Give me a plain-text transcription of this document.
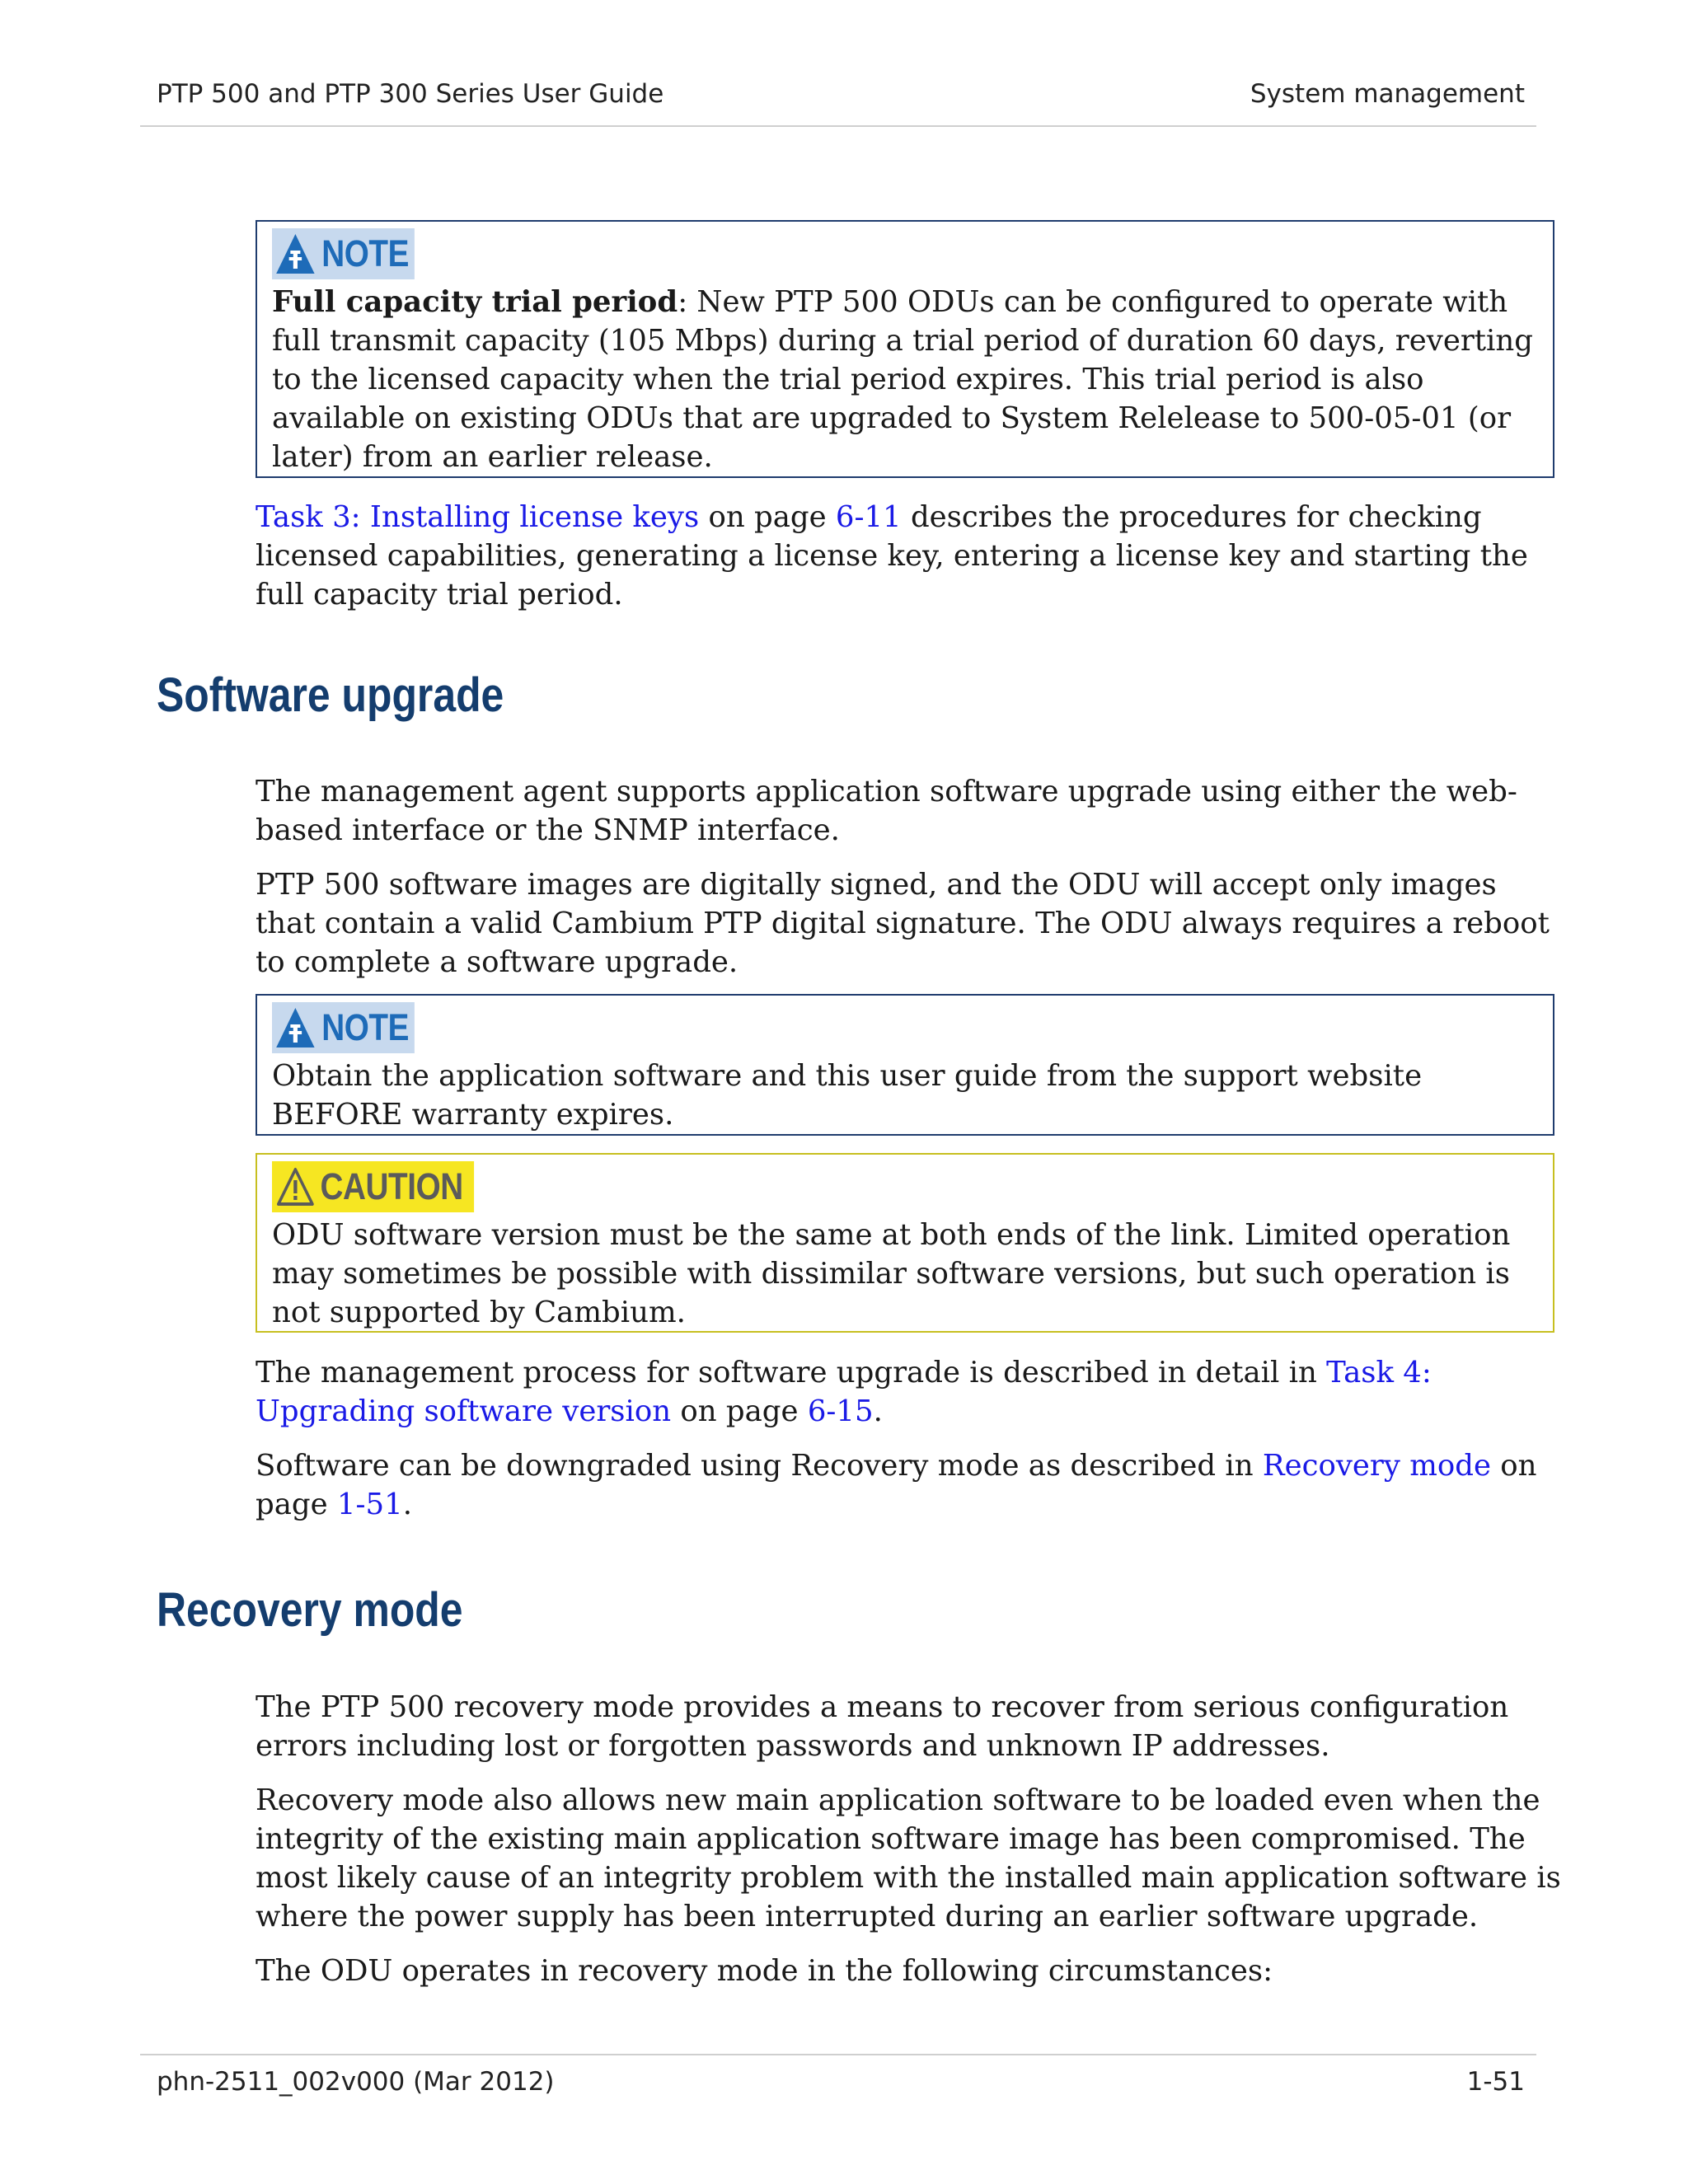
PTP 500 and PTP 300 Series User Guide	System management
NOTE

Full capacity trial period: New PTP 500 ODUs can be configured to operate with full transmit capacity (105 Mbps) during a trial period of duration 60 days, reverting to the licensed capacity when the trial period expires. This trial period is also available on existing ODUs that are upgraded to System Relelease to 500-05-01 (or later) from an earlier release.

Task 3: Installing license keys on page 6-11 describes the procedures for checking licensed capabilities, generating a license key, entering a license key and starting the full capacity trial period.

Software upgrade

The management agent supports application software upgrade using either the web-based interface or the SNMP interface.

PTP 500 software images are digitally signed, and the ODU will accept only images that contain a valid Cambium PTP digital signature. The ODU always requires a reboot to complete a software upgrade.

NOTE

Obtain the application software and this user guide from the support website BEFORE warranty expires.

CAUTION

ODU software version must be the same at both ends of the link. Limited operation may sometimes be possible with dissimilar software versions, but such operation is not supported by Cambium.

The management process for software upgrade is described in detail in Task 4: Upgrading software version on page 6-15.

Software can be downgraded using Recovery mode as described in Recovery mode on page 1-51.

Recovery mode

The PTP 500 recovery mode provides a means to recover from serious configuration errors including lost or forgotten passwords and unknown IP addresses.

Recovery mode also allows new main application software to be loaded even when the integrity of the existing main application software image has been compromised. The most likely cause of an integrity problem with the installed main application software is where the power supply has been interrupted during an earlier software upgrade.

The ODU operates in recovery mode in the following circumstances:

phn-2511_002v000 (Mar 2012)	1-51
